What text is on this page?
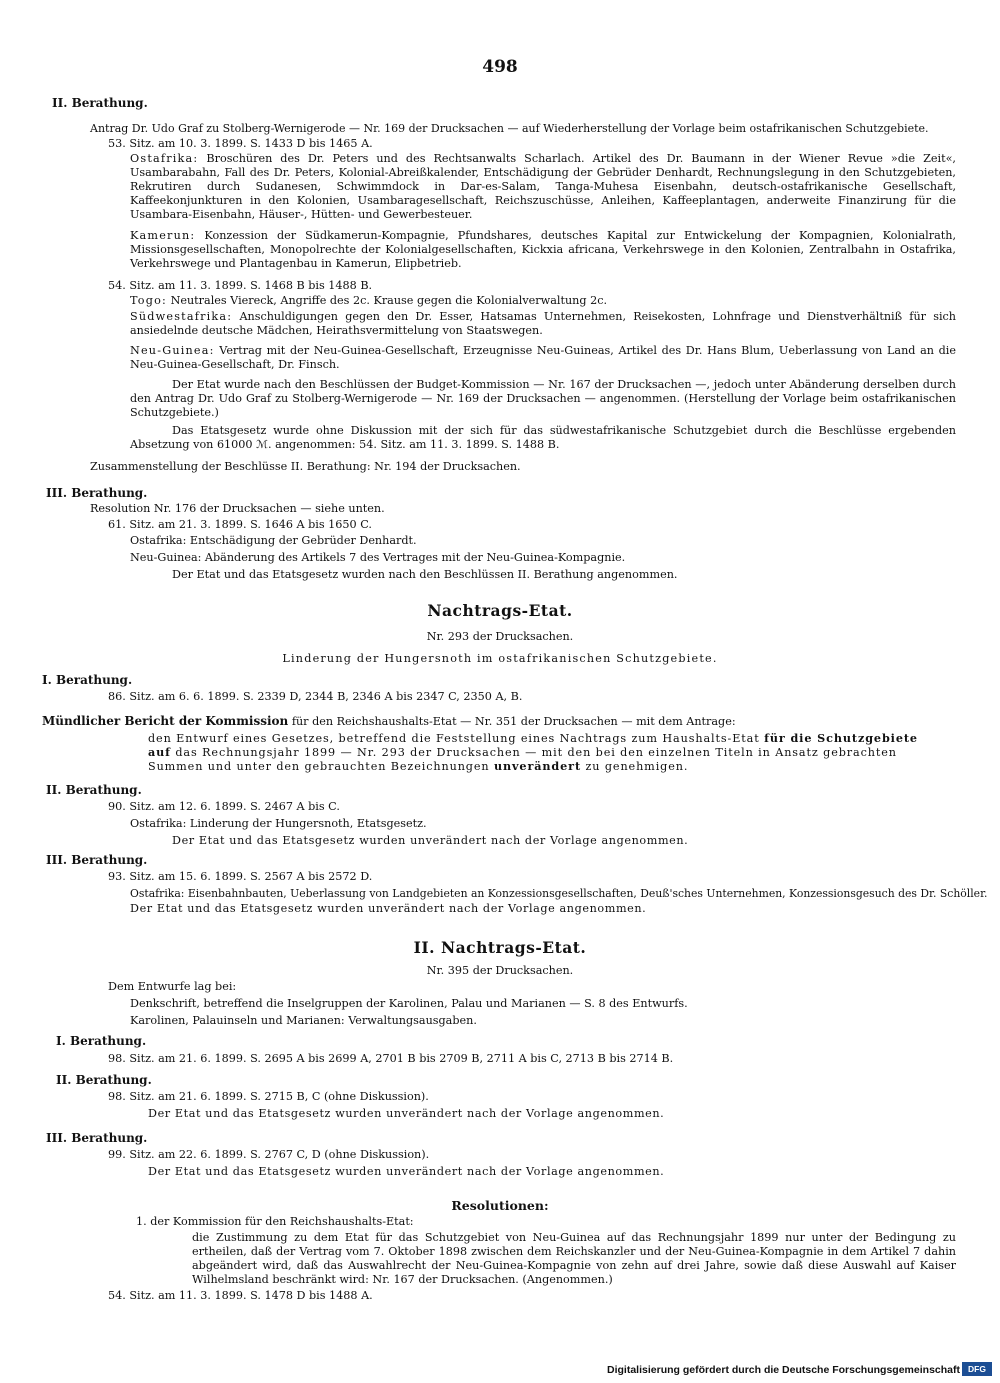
498
II. Berathung.
Antrag Dr. Udo Graf zu Stolberg-Wernigerode — Nr. 169 der Drucksachen — auf Wiederherstellung der Vorlage beim ostafrikanischen Schutzgebiete.
53. Sitz. am 10. 3. 1899. S. 1433 D bis 1465 A.
Ostafrika: Broschüren des Dr. Peters und des Rechtsanwalts Scharlach. Artikel des Dr. Baumann in der Wiener Revue »die Zeit«, Usambarabahn, Fall des Dr. Peters, Kolonial-Abreißkalender, Entschädigung der Gebrüder Denhardt, Rechnungslegung in den Schutzgebieten, Rekrutiren durch Sudanesen, Schwimmdock in Dar-es-Salam, Tanga-Muhesa Eisenbahn, deutsch-ostafrikanische Gesellschaft, Kaffeekonjunkturen in den Kolonien, Usambaragesellschaft, Reichszuschüsse, Anleihen, Kaffeeplantagen, anderweite Finanzirung für die Usambara-Eisenbahn, Häuser-, Hütten- und Gewerbesteuer.
Kamerun: Konzession der Südkamerun-Kompagnie, Pfundshares, deutsches Kapital zur Entwickelung der Kompagnien, Kolonialrath, Missionsgesellschaften, Monopolrechte der Kolonialgesellschaften, Kickxia africana, Verkehrswege in den Kolonien, Zentralbahn in Ostafrika, Verkehrswege und Plantagenbau in Kamerun, Elipbetrieb.
54. Sitz. am 11. 3. 1899. S. 1468 B bis 1488 B.
Togo: Neutrales Viereck, Angriffe des 2c. Krause gegen die Kolonialverwaltung 2c.
Südwestafrika: Anschuldigungen gegen den Dr. Esser, Hatsamas Unternehmen, Reisekosten, Lohnfrage und Dienstverhältniß für sich ansiedelnde deutsche Mädchen, Heirathsvermittelung von Staatswegen.
Neu-Guinea: Vertrag mit der Neu-Guinea-Gesellschaft, Erzeugnisse Neu-Guineas, Artikel des Dr. Hans Blum, Ueberlassung von Land an die Neu-Guinea-Gesellschaft, Dr. Finsch.
Der Etat wurde nach den Beschlüssen der Budget-Kommission — Nr. 167 der Drucksachen —, jedoch unter Abänderung derselben durch den Antrag Dr. Udo Graf zu Stolberg-Wernigerode — Nr. 169 der Drucksachen — angenommen. (Herstellung der Vorlage beim ostafrikanischen Schutzgebiete.)
Das Etatsgesetz wurde ohne Diskussion mit der sich für das südwestafrikanische Schutzgebiet durch die Beschlüsse ergebenden Absetzung von 61000 ℳ. angenommen: 54. Sitz. am 11. 3. 1899. S. 1488 B.
Zusammenstellung der Beschlüsse II. Berathung: Nr. 194 der Drucksachen.
III. Berathung.
Resolution Nr. 176 der Drucksachen — siehe unten.
61. Sitz. am 21. 3. 1899. S. 1646 A bis 1650 C.
Ostafrika: Entschädigung der Gebrüder Denhardt.
Neu-Guinea: Abänderung des Artikels 7 des Vertrages mit der Neu-Guinea-Kompagnie.
Der Etat und das Etatsgesetz wurden nach den Beschlüssen II. Berathung angenommen.
Nachtrags-Etat.
Nr. 293 der Drucksachen.
Linderung der Hungersnoth im ostafrikanischen Schutzgebiete.
I. Berathung.
86. Sitz. am 6. 6. 1899. S. 2339 D, 2344 B, 2346 A bis 2347 C, 2350 A, B.
Mündlicher Bericht der Kommission für den Reichshaushalts-Etat — Nr. 351 der Drucksachen — mit dem Antrage:
den Entwurf eines Gesetzes, betreffend die Feststellung eines Nachtrags zum Haushalts-Etat für die Schutzgebiete
auf das Rechnungsjahr 1899 — Nr. 293 der Drucksachen — mit den bei den einzelnen Titeln in Ansatz gebrachten
Summen und unter den gebrauchten Bezeichnungen unverändert zu genehmigen.
II. Berathung.
90. Sitz. am 12. 6. 1899. S. 2467 A bis C.
Ostafrika: Linderung der Hungersnoth, Etatsgesetz.
Der Etat und das Etatsgesetz wurden unverändert nach der Vorlage angenommen.
III. Berathung.
93. Sitz. am 15. 6. 1899. S. 2567 A bis 2572 D.
Ostafrika: Eisenbahnbauten, Ueberlassung von Landgebieten an Konzessionsgesellschaften, Deuß'sches Unternehmen, Konzessionsgesuch des Dr. Schöller.
Der Etat und das Etatsgesetz wurden unverändert nach der Vorlage angenommen.
II. Nachtrags-Etat.
Nr. 395 der Drucksachen.
Dem Entwurfe lag bei:
Denkschrift, betreffend die Inselgruppen der Karolinen, Palau und Marianen — S. 8 des Entwurfs.
Karolinen, Palauinseln und Marianen: Verwaltungsausgaben.
I. Berathung.
98. Sitz. am 21. 6. 1899. S. 2695 A bis 2699 A, 2701 B bis 2709 B, 2711 A bis C, 2713 B bis 2714 B.
II. Berathung.
98. Sitz. am 21. 6. 1899. S. 2715 B, C (ohne Diskussion).
Der Etat und das Etatsgesetz wurden unverändert nach der Vorlage angenommen.
III. Berathung.
99. Sitz. am 22. 6. 1899. S. 2767 C, D (ohne Diskussion).
Der Etat und das Etatsgesetz wurden unverändert nach der Vorlage angenommen.
Resolutionen:
1. der Kommission für den Reichshaushalts-Etat:
die Zustimmung zu dem Etat für das Schutzgebiet von Neu-Guinea auf das Rechnungsjahr 1899 nur unter der Bedingung zu ertheilen, daß der Vertrag vom 7. Oktober 1898 zwischen dem Reichskanzler und der Neu-Guinea-Kompagnie in dem Artikel 7 dahin abgeändert wird, daß das Auswahlrecht der Neu-Guinea-Kompagnie von zehn auf drei Jahre, sowie daß diese Auswahl auf Kaiser Wilhelmsland beschränkt wird: Nr. 167 der Drucksachen. (Angenommen.)
54. Sitz. am 11. 3. 1899. S. 1478 D bis 1488 A.
Digitalisierung gefördert durch die Deutsche Forschungsgemeinschaft DFG
